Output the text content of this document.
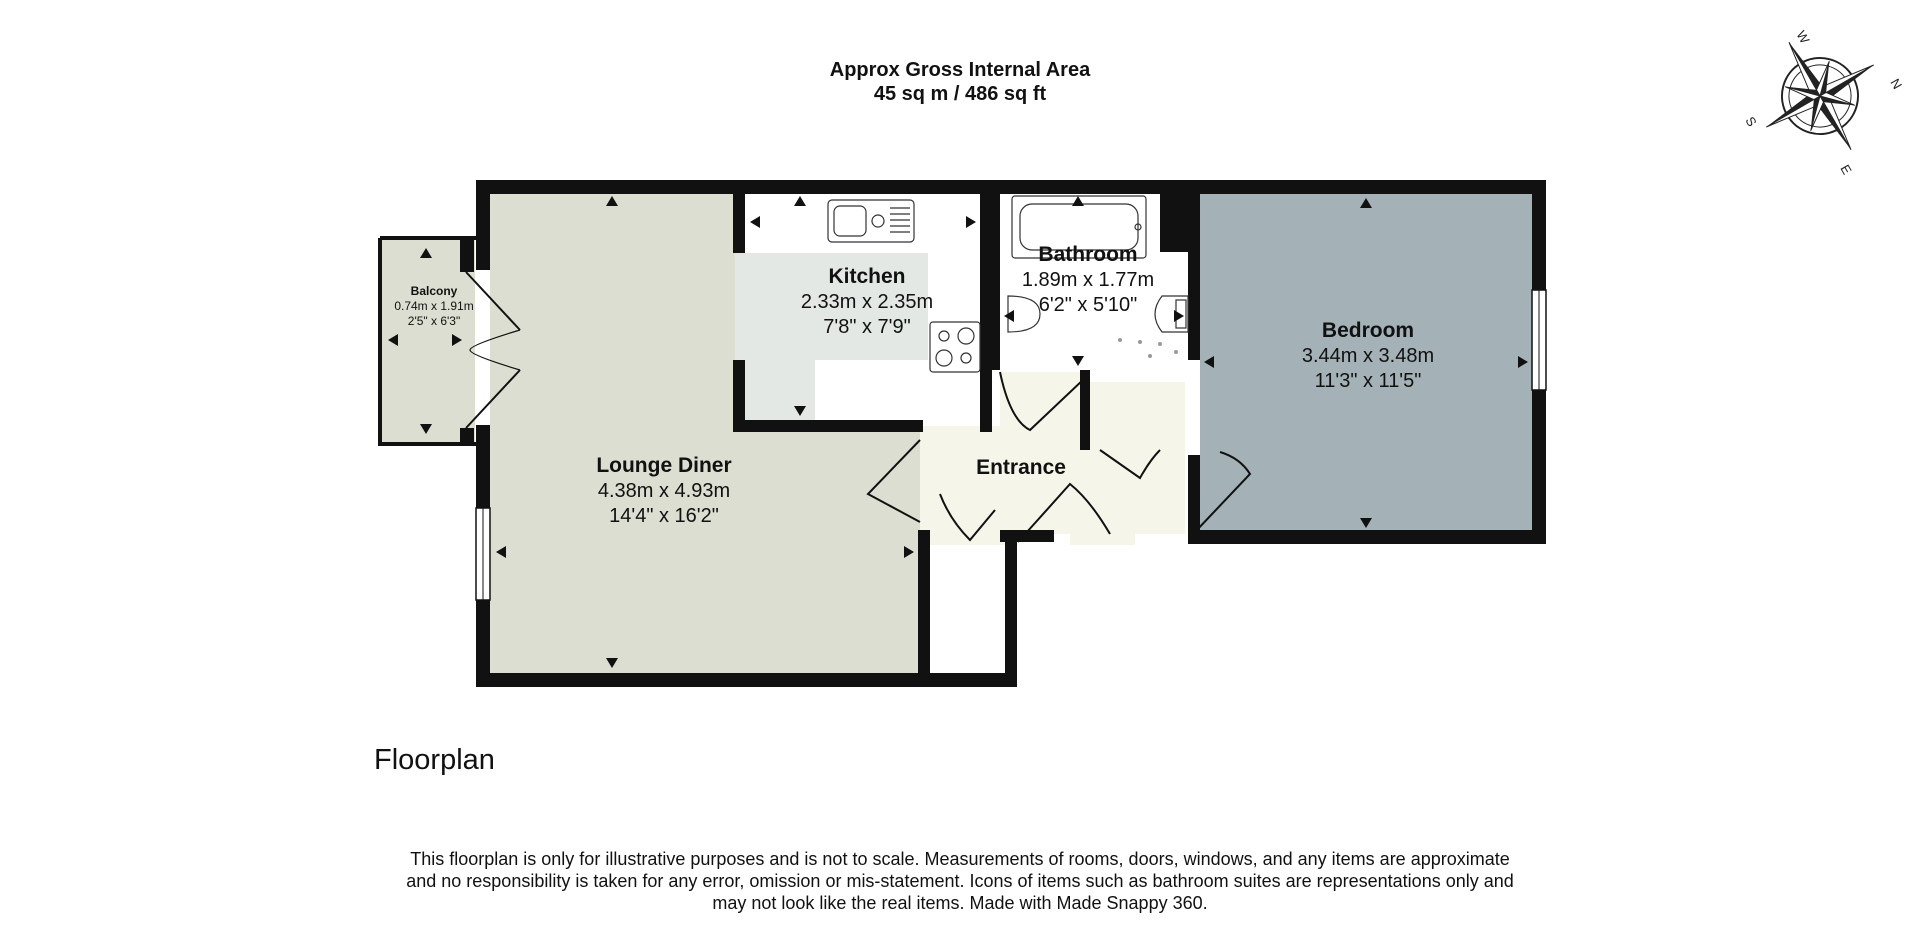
Approx Gross Internal Area
45 sq m / 486 sq ft	N
E
S
W
Balcony
0.74m x 1.91m
2'5" x 6'3"
Kitchen
2.33m x 2.35m
7'8" x 7'9"
Bathroom
1.89m x 1.77m
6'2" x 5'10"
Bedroom
3.44m x 3.48m
11'3" x 11'5"
Lounge Diner
4.38m x 4.93m
14'4" x 16'2"
Entrance
Floorplan
This floorplan is only for illustrative purposes and is not to scale. Measurements of rooms, doors, windows, and any items are approximate
and no responsibility is taken for any error, omission or mis-statement. Icons of items such as bathroom suites are representations only and
may not look like the real items. Made with Made Snappy 360.
